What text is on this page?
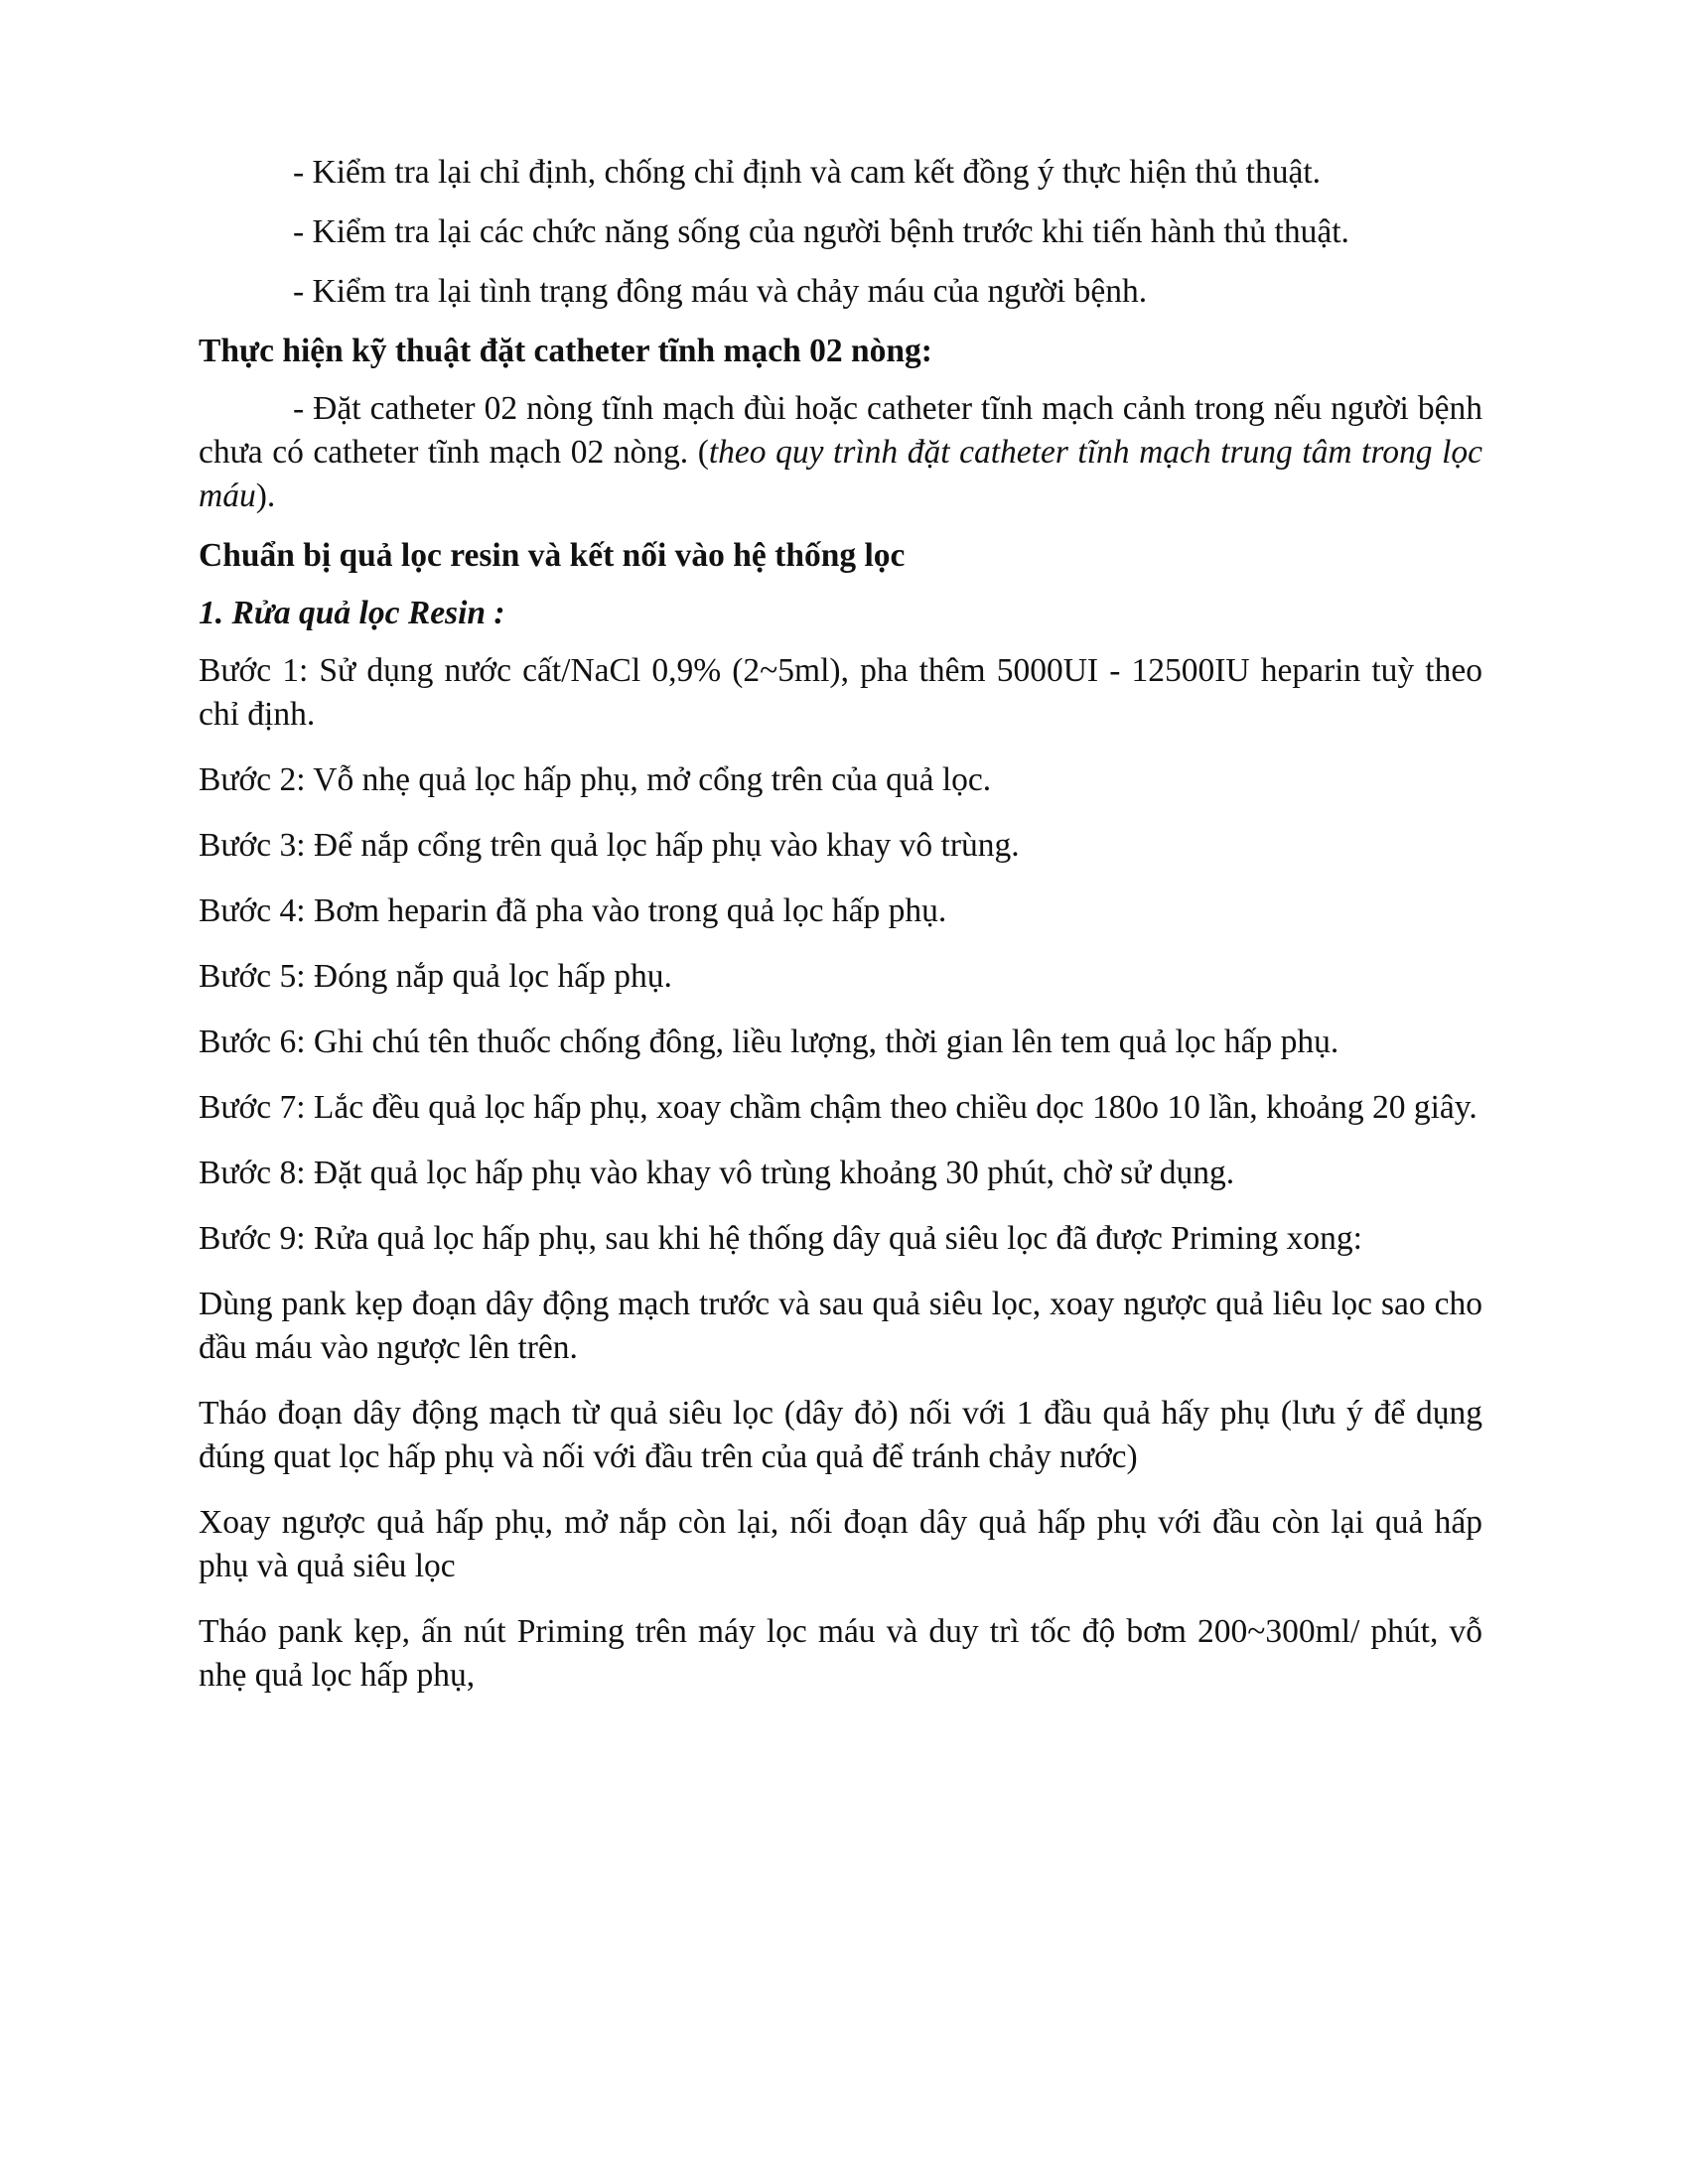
- Kiểm tra lại chỉ định, chống chỉ định và cam kết đồng ý thực hiện thủ thuật.

- Kiểm tra lại các chức năng sống của người bệnh trước khi tiến hành thủ thuật.

- Kiểm tra lại tình trạng đông máu và chảy máu của người bệnh.

Thực hiện kỹ thuật đặt catheter tĩnh mạch 02 nòng:

- Đặt catheter 02 nòng tĩnh mạch đùi hoặc catheter tĩnh mạch cảnh trong nếu người bệnh chưa có catheter tĩnh mạch 02 nòng. (theo quy trình đặt catheter tĩnh mạch trung tâm trong lọc máu).

Chuẩn bị quả lọc resin và kết nối vào hệ thống lọc

1. Rửa quả lọc Resin :

Bước 1: Sử dụng nước cất/NaCl 0,9% (2~5ml), pha thêm 5000UI - 12500IU heparin tuỳ theo chỉ định.

Bước 2: Vỗ nhẹ quả lọc hấp phụ, mở cổng trên của quả lọc.

Bước 3: Để nắp cổng trên quả lọc hấp phụ vào khay vô trùng.

Bước 4: Bơm heparin đã pha vào trong quả lọc hấp phụ.

Bước 5: Đóng nắp quả lọc hấp phụ.

Bước 6: Ghi chú tên thuốc chống đông, liều lượng, thời gian lên tem quả lọc hấp phụ.

Bước 7: Lắc đều quả lọc hấp phụ, xoay chầm chậm theo chiều dọc 180o 10 lần, khoảng 20 giây.

Bước 8: Đặt quả lọc hấp phụ vào khay vô trùng khoảng 30 phút, chờ sử dụng.

Bước 9: Rửa quả lọc hấp phụ, sau khi hệ thống dây quả siêu lọc đã được Priming xong:

Dùng pank kẹp đoạn dây động mạch trước và sau quả siêu lọc, xoay ngược quả liêu lọc sao cho đầu máu vào ngược lên trên.

Tháo đoạn dây động mạch từ quả siêu lọc (dây đỏ) nối với 1 đầu quả hấy phụ (lưu ý để dụng đúng quat lọc hấp phụ và nối với đầu trên của quả để tránh chảy nước)

Xoay ngược quả hấp phụ, mở nắp còn lại, nối đoạn dây quả hấp phụ với đầu còn lại quả hấp phụ và quả siêu lọc

Tháo pank kẹp, ấn nút Priming trên máy lọc máu và duy trì tốc độ bơm 200~300ml/ phút, vỗ nhẹ quả lọc hấp phụ,
